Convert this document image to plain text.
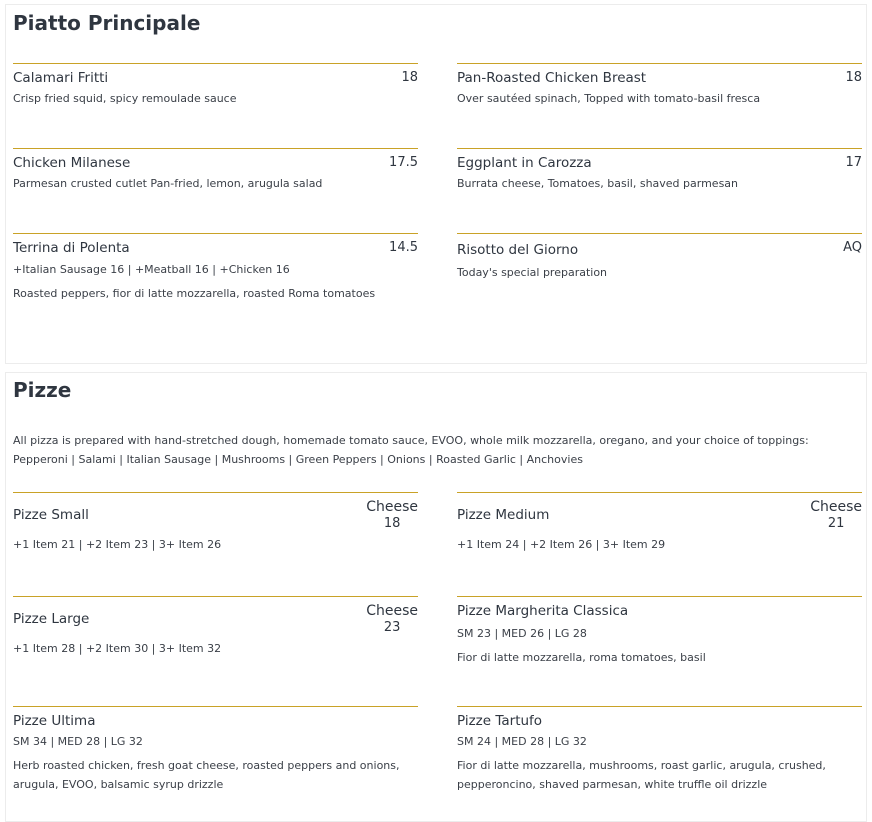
Piatto Principale
Calamari Fritti	18
Crisp fried squid, spicy remoulade sauce
Pan-Roasted Chicken Breast	18
Over sautéed spinach, Topped with tomato-basil fresca
Chicken Milanese	17.5
Parmesan crusted cutlet Pan-fried, lemon, arugula salad
Eggplant in Carozza	17
Burrata cheese, Tomatoes, basil, shaved parmesan
Terrina di Polenta	14.5
+Italian Sausage 16 | +Meatball 16 | +Chicken 16
Roasted peppers, fior di latte mozzarella, roasted Roma tomatoes
Risotto del Giorno	AQ
Today's special preparation
Pizze
All pizza is prepared with hand-stretched dough, homemade tomato sauce, EVOO, whole milk mozzarella, oregano, and your choice of toppings:
Pepperoni | Salami | Italian Sausage | Mushrooms | Green Peppers | Onions | Roasted Garlic | Anchovies
Pizze Small	Cheese
18
+1 Item 21 | +2 Item 23 | 3+ Item 26
Pizze Medium	Cheese
21
+1 Item 24 | +2 Item 26 | 3+ Item 29
Pizze Large	Cheese
23
+1 Item 28 | +2 Item 30 | 3+ Item 32
Pizze Margherita Classica
SM 23 | MED 26 | LG 28
Fior di latte mozzarella, roma tomatoes, basil
Pizze Ultima
SM 34 | MED 28 | LG 32
Herb roasted chicken, fresh goat cheese, roasted peppers and onions,
arugula, EVOO, balsamic syrup drizzle
Pizze Tartufo
SM 24 | MED 28 | LG 32
Fior di latte mozzarella, mushrooms, roast garlic, arugula, crushed,
pepperoncino, shaved parmesan, white truffle oil drizzle
